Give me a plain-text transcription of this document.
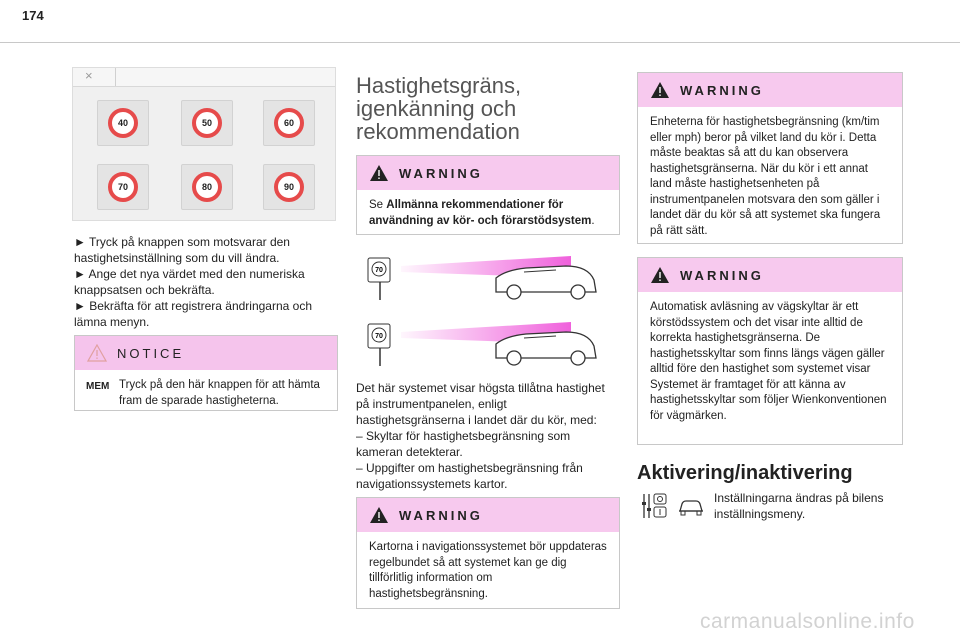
174
×
40	50	60
70	80	90

► Tryck på knappen som motsvarar den hastighetsinställning som du vill ändra.

► Ange det nya värdet med den numeriska knappsatsen och bekräfta.

► Bekräfta för att registrera ändringarna och lämna menyn.

NOTICE
Tryck på den här knappen för att hämta fram de sparade hastigheterna.
MEM
Hastighetsgräns, igenkänning och rekommendation
WARNING
Se Allmänna rekommendationer för användning av kör- och förarstödsystem.
70
70
Det här systemet visar högsta tillåtna hastighet på instrumentpanelen, enligt hastighetsgränserna i landet där du kör, med:
– Skyltar för hastighetsbegränsning som kameran detekterar.
– Uppgifter om hastighetsbegränsning från navigationssystemets kartor.
WARNING
Kartorna i navigationssystemet bör uppdateras regelbundet så att systemet kan ge dig tillförlitlig information om hastighetsbegränsning.
WARNING
Enheterna för hastighetsbegränsning (km/tim eller mph) beror på vilket land du kör i. Detta måste beaktas så att du kan observera hastighetsgränserna. När du kör i ett annat land måste hastighetsenheten på instrumentpanelen motsvara den som gäller i landet där du kör så att systemet ska fungera på rätt sätt.
WARNING
Automatisk avläsning av vägskyltar är ett körstödssystem och det visar inte alltid de korrekta hastighetsgränserna. De hastighetsskyltar som finns längs vägen gäller alltid före den hastighet som systemet visar Systemet är framtaget för att känna av hastighetsskyltar som följer Wienkonventionen för vägmärken.
Aktivering/inaktivering
Inställningarna ändras på bilens inställningsmeny.
carmanualsonline.info
